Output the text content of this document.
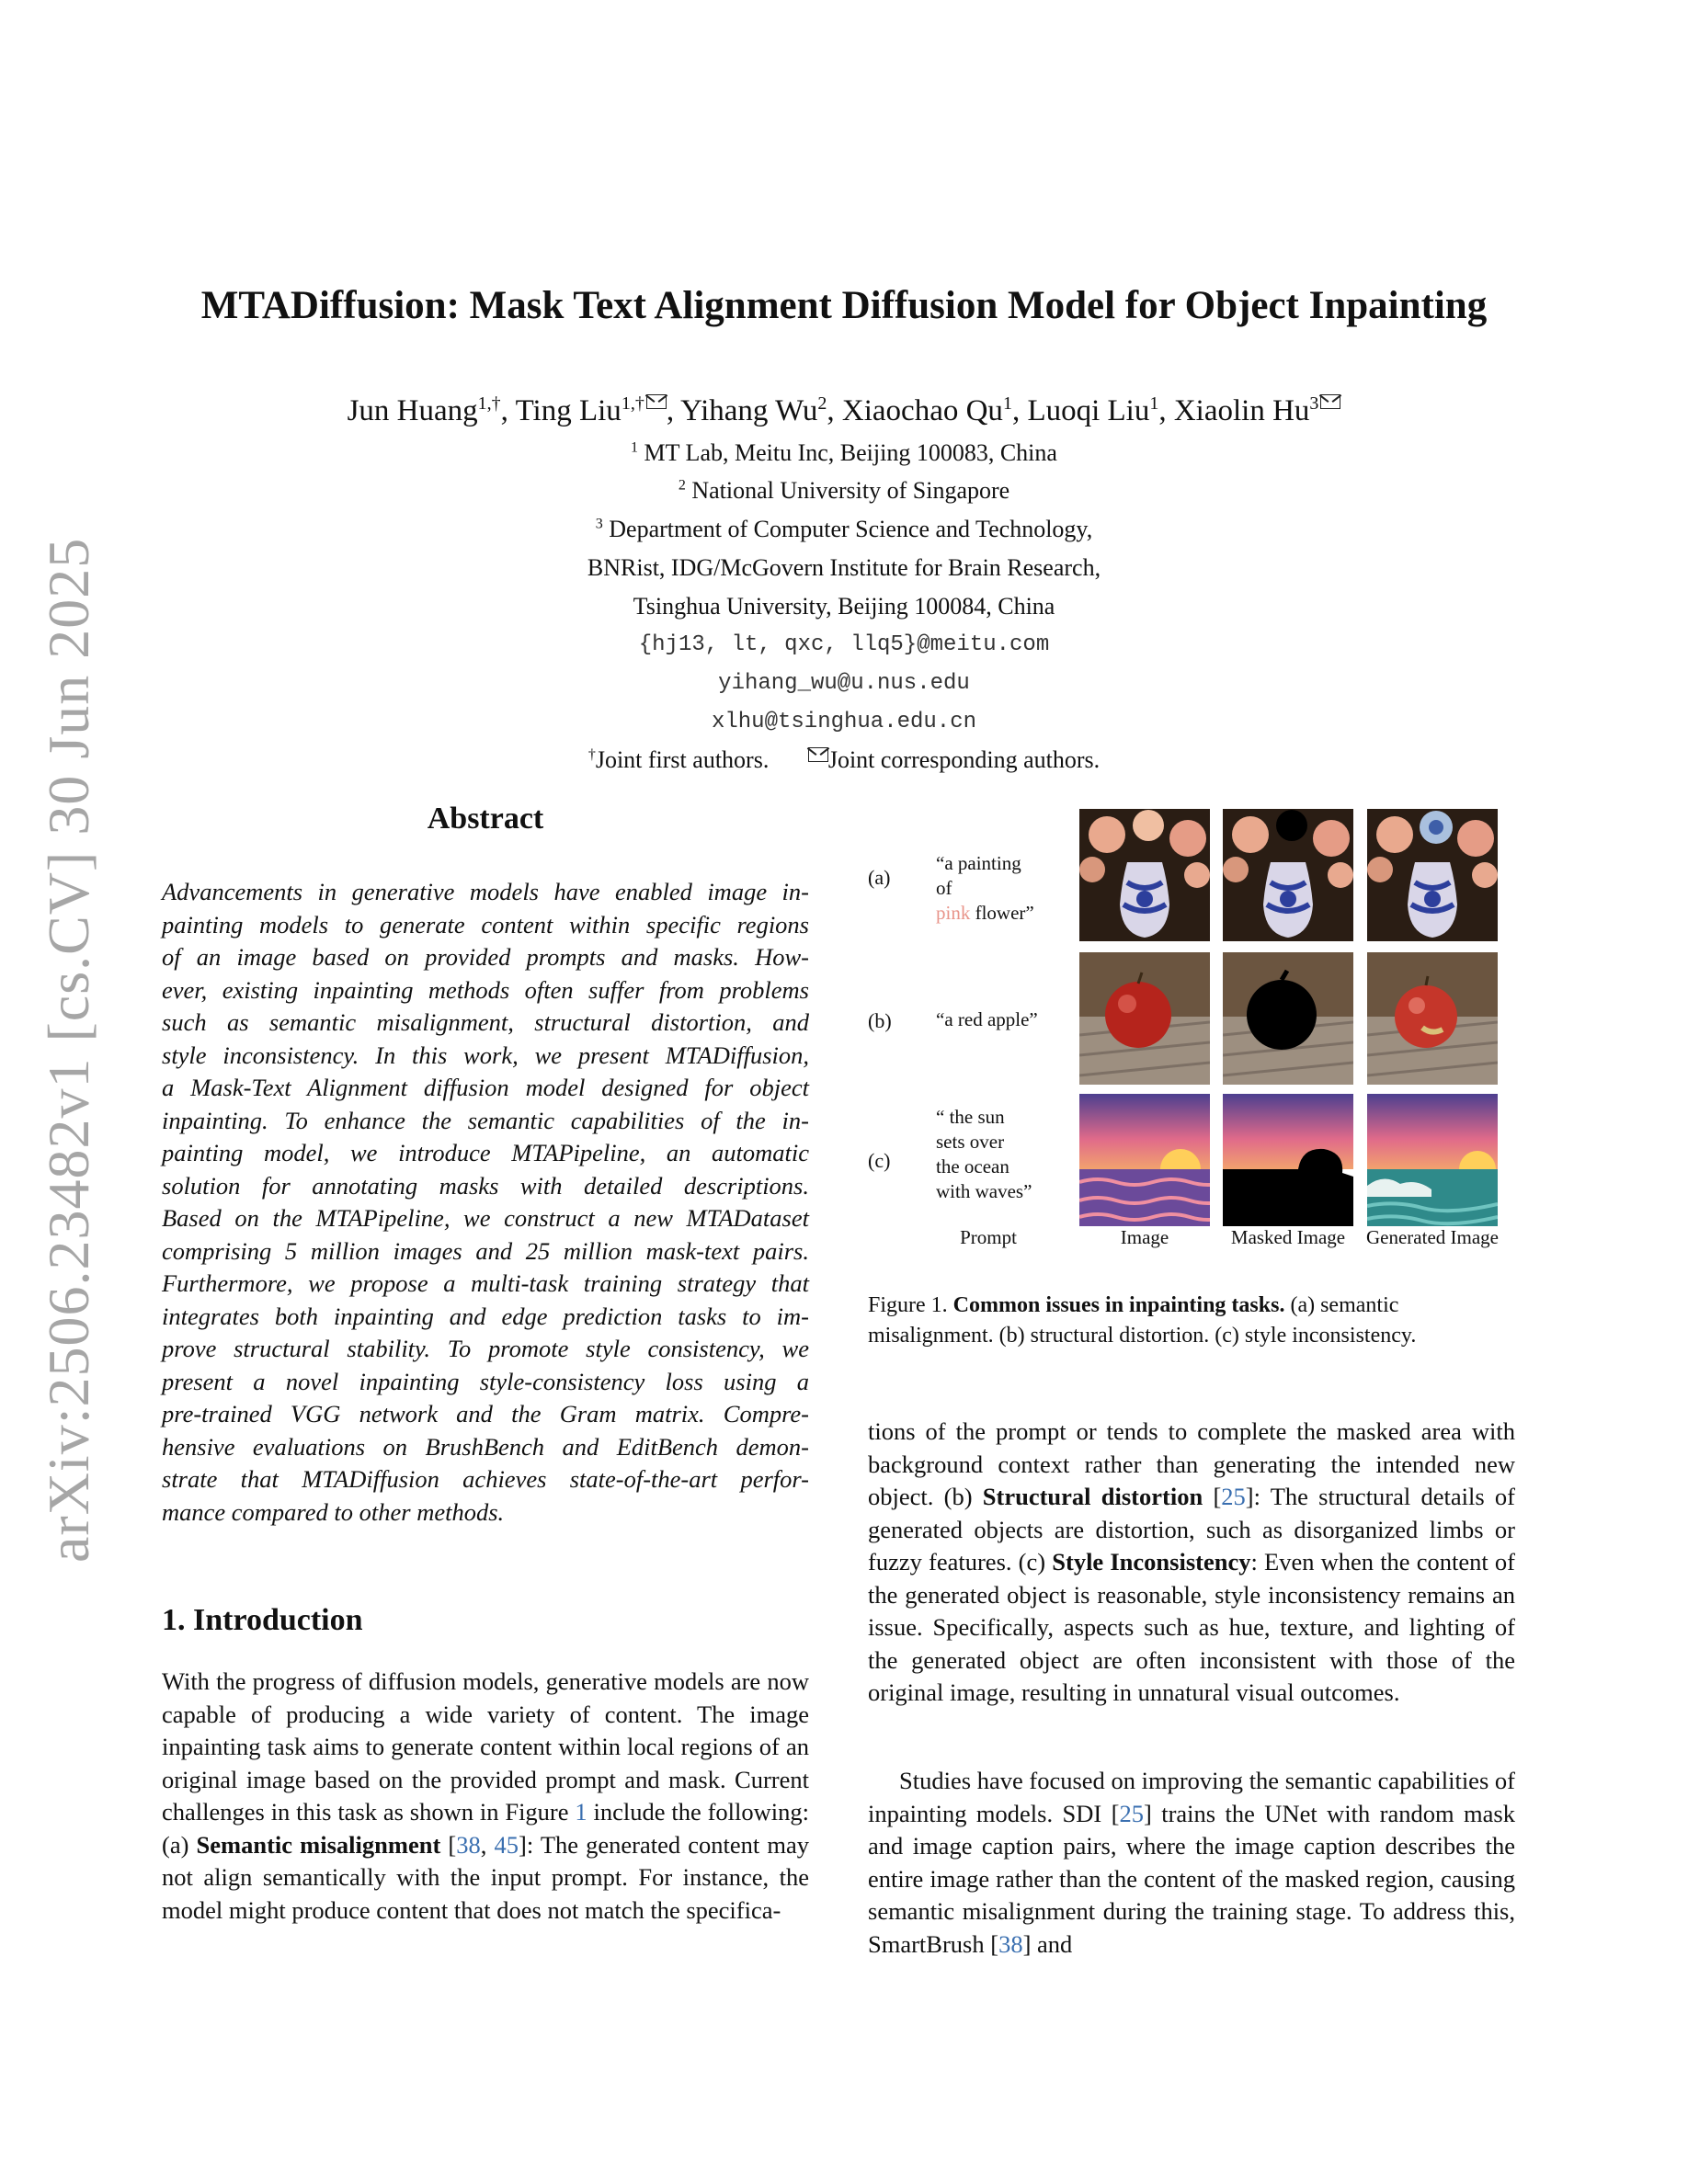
arXiv:2506.23482v1 [cs.CV] 30 Jun 2025
MTADiffusion: Mask Text Alignment Diffusion Model for Object Inpainting
Jun Huang$^{1,\dagger}$, Ting Liu$^{1,\dagger}$ , Yihang Wu$^2$, Xiaochao Qu$^1$, Luoqi Liu$^1$, Xiaolin Hu$^3$
$^1$ MT Lab, Meitu Inc, Beijing 100083, China
$^2$ National University of Singapore
$^3$ Department of Computer Science and Technology,
BNRist, IDG/McGovern Institute for Brain Research,
Tsinghua University, Beijing 100084, China
{hj13, lt, qxc, llq5}@meitu.com
yihang_wu@u.nus.edu
xlhu@tsinghua.edu.cn
†Joint first authors. Joint corresponding authors.
Abstract
Advancements in generative models have enabled image in-
painting models to generate content within specific regions
of an image based on provided prompts and masks. How-
ever, existing inpainting methods often suffer from problems
such as semantic misalignment, structural distortion, and
style inconsistency. In this work, we present MTADiffusion,
a Mask-Text Alignment diffusion model designed for object
inpainting. To enhance the semantic capabilities of the in-
painting model, we introduce MTAPipeline, an automatic
solution for annotating masks with detailed descriptions.
Based on the MTAPipeline, we construct a new MTADataset
comprising 5 million images and 25 million mask-text pairs.
Furthermore, we propose a multi-task training strategy that
integrates both inpainting and edge prediction tasks to im-
prove structural stability. To promote style consistency, we
present a novel inpainting style-consistency loss using a
pre-trained VGG network and the Gram matrix. Compre-
hensive evaluations on BrushBench and EditBench demon-
strate that MTADiffusion achieves state-of-the-art perfor-
mance compared to other methods.
1. Introduction
With the progress of diffusion models, generative models are now capable of producing a wide variety of content. The image inpainting task aims to generate content within local regions of an original image based on the provided prompt and mask. Current challenges in this task as shown in Figure 1 include the following: (a) Semantic misalignment [38, 45]: The generated content may not align semantically with the input prompt. For instance, the model might produce content that does not match the specifica-
(a)
“a painting of
pink flower”
(b) “a red apple”
(c)
“ the sun
sets over
the ocean
with waves”
Prompt	Image	Masked Image	Generated Image
Figure 1. Common issues in inpainting tasks. (a) semantic misalignment. (b) structural distortion. (c) style inconsistency.
tions of the prompt or tends to complete the masked area with background context rather than generating the intended new object. (b) Structural distortion [25]: The structural details of generated objects are distortion, such as disorganized limbs or fuzzy features. (c) Style Inconsistency: Even when the content of the generated object is reasonable, style inconsistency remains an issue. Specifically, aspects such as hue, texture, and lighting of the generated object are often inconsistent with those of the original image, resulting in unnatural visual outcomes.
Studies have focused on improving the semantic capabilities of inpainting models. SDI [25] trains the UNet with random mask and image caption pairs, where the image caption describes the entire image rather than the content of the masked region, causing semantic misalignment during the training stage. To address this, SmartBrush [38] and
